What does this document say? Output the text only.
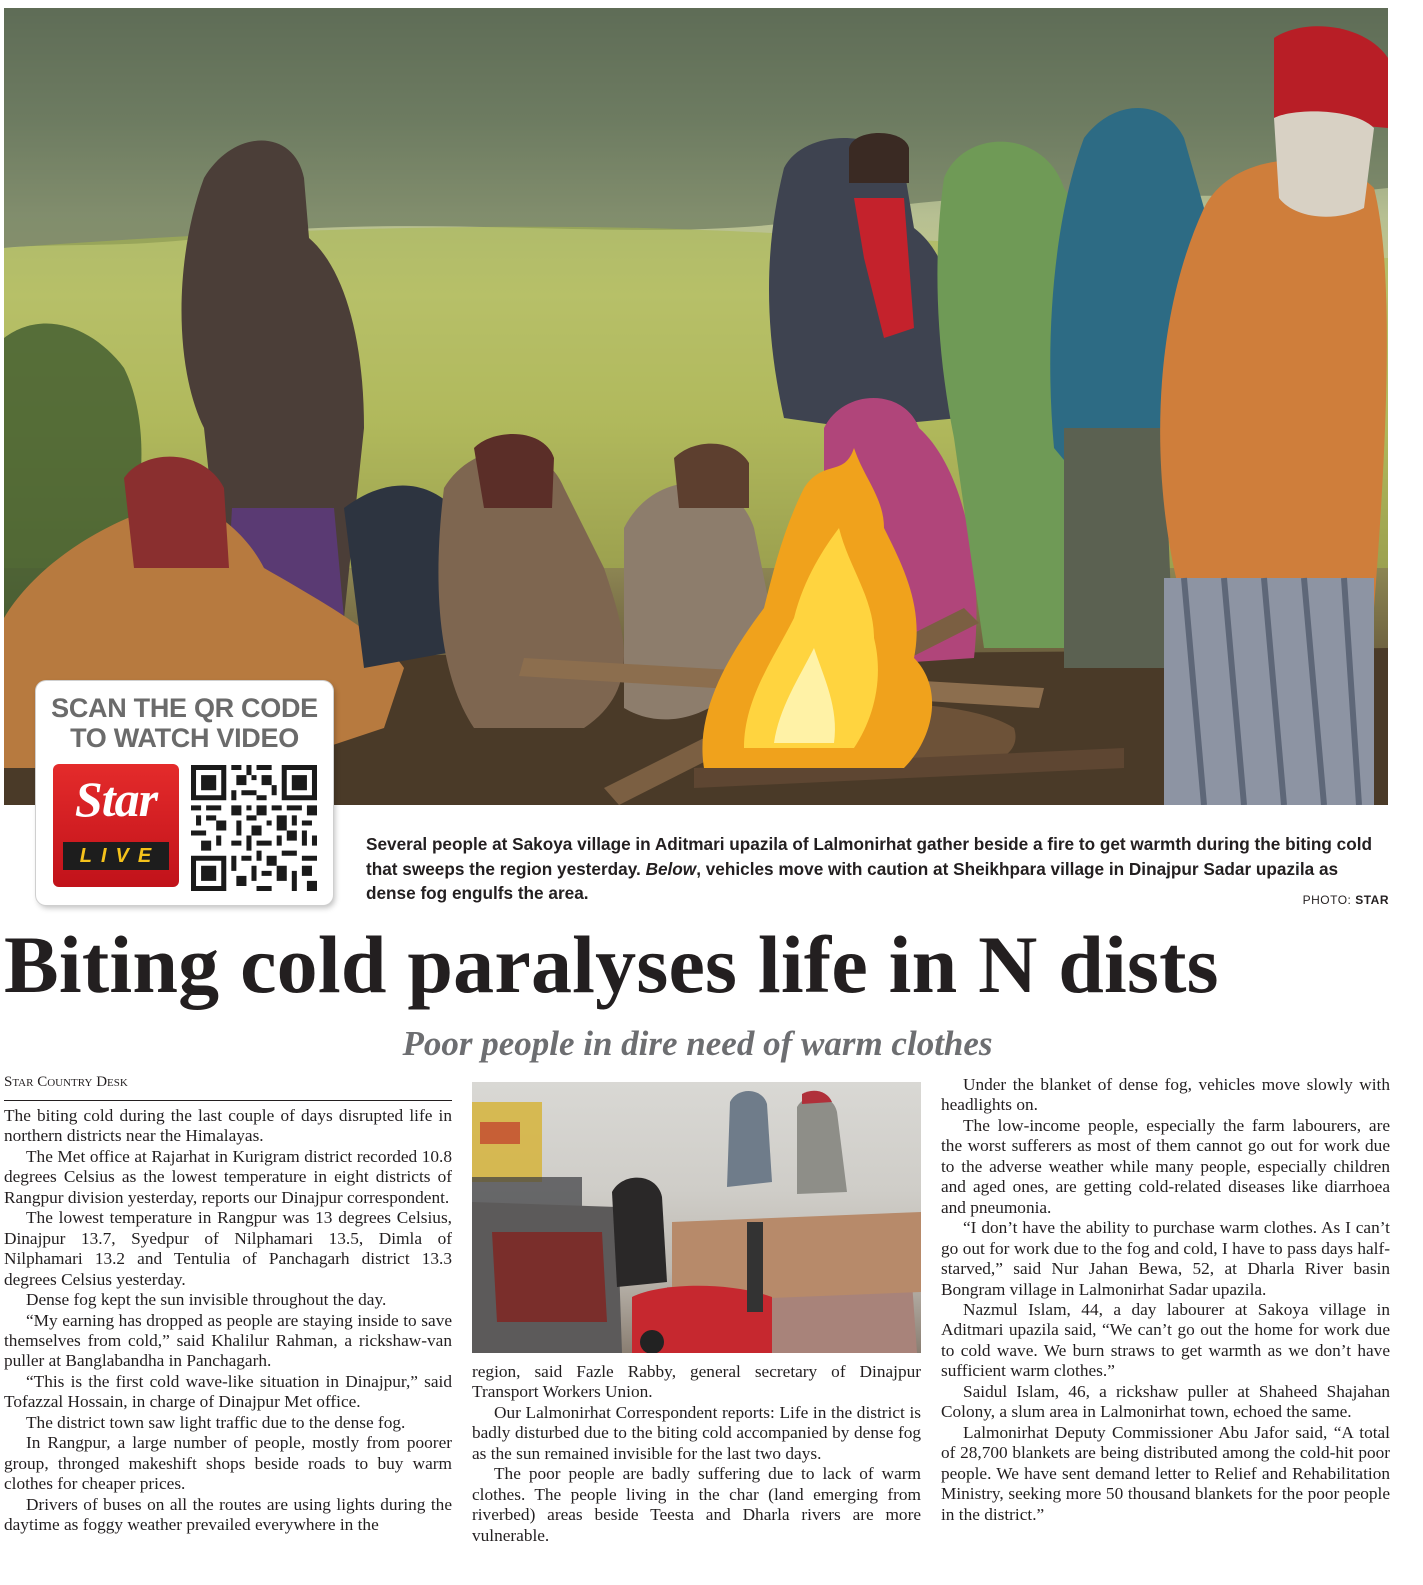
SCAN THE QR CODE
TO WATCH VIDEO
Star
LIVE
Several people at Sakoya village in Aditmari upazila of Lalmonirhat gather beside a fire to get warmth during the biting cold that sweeps the region yesterday. Below, vehicles move with caution at Sheikhpara village in Dinajpur Sadar upazila as dense fog engulfs the area.	PHOTO: STAR
Biting cold paralyses life in N dists
Poor people in dire need of warm clothes
Star Country Desk

The biting cold during the last couple of days disrupted life in northern districts near the Himalayas.

The Met office at Rajarhat in Kurigram district recorded 10.8 degrees Celsius as the lowest temperature in eight districts of Rangpur division yesterday, reports our Dinajpur correspondent.

The lowest temperature in Rangpur was 13 degrees Celsius, Dinajpur 13.7, Syedpur of Nilphamari 13.5, Dimla of Nilphamari 13.2 and Tentulia of Panchagarh district 13.3 degrees Celsius yesterday.

Dense fog kept the sun invisible throughout the day.

“My earning has dropped as people are staying inside to save themselves from cold,” said Khalilur Rahman, a rickshaw-van puller at Banglabandha in Panchagarh.

“This is the first cold wave-like situation in Dinajpur,” said Tofazzal Hossain, in charge of Dinajpur Met office.

The district town saw light traffic due to the dense fog.

In Rangpur, a large number of people, mostly from poorer group, thronged makeshift shops beside roads to buy warm clothes for cheaper prices.

Drivers of buses on all the routes are using lights during the daytime as foggy weather prevailed everywhere in the

region, said Fazle Rabby, general secretary of Dinajpur Transport Workers Union.

Our Lalmonirhat Correspondent reports: Life in the district is badly disturbed due to the biting cold accompanied by dense fog as the sun remained invisible for the last two days.

The poor people are badly suffering due to lack of warm clothes. The people living in the char (land emerging from riverbed) areas beside Teesta and Dharla rivers are more vulnerable.

Under the blanket of dense fog, vehicles move slowly with headlights on.

The low-income people, especially the farm labourers, are the worst sufferers as most of them cannot go out for work due to the adverse weather while many people, especially children and aged ones, are getting cold-related diseases like diarrhoea and pneumonia.

“I don’t have the ability to purchase warm clothes. As I can’t go out for work due to the fog and cold, I have to pass days half-starved,” said Nur Jahan Bewa, 52, at Dharla River basin Bongram village in Lalmonirhat Sadar upazila.

Nazmul Islam, 44, a day labourer at Sakoya village in Aditmari upazila said, “We can’t go out the home for work due to cold wave. We burn straws to get warmth as we don’t have sufficient warm clothes.”

Saidul Islam, 46, a rickshaw puller at Shaheed Shajahan Colony, a slum area in Lalmonirhat town, echoed the same.

Lalmonirhat Deputy Commissioner Abu Jafor said, “A total of 28,700 blankets are being distributed among the cold-hit poor people. We have sent demand letter to Relief and Rehabilitation Ministry, seeking more 50 thousand blankets for the poor people in the district.”
